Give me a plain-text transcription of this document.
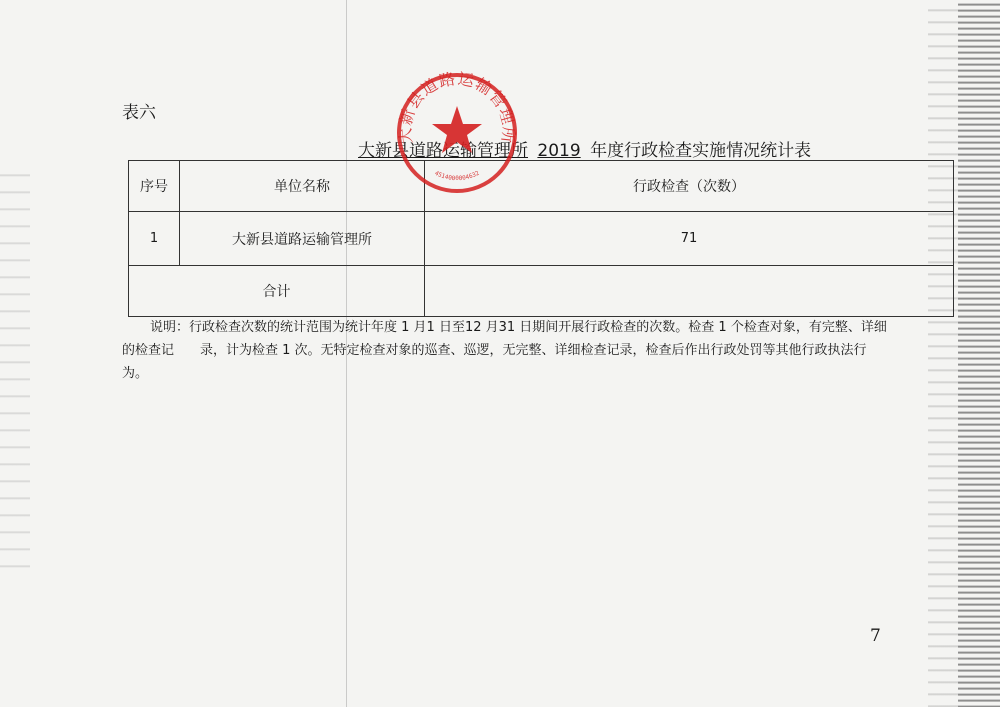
表六
大新县道路运输管理所 2019 年度行政检查实施情况统计表
序号	单位名称	行政检查（次数）
1	大新县道路运输管理所	71
合计		
说明：行政检查次数的统计范围为统计年度 1 月1 日至12 月31 日期间开展行政检查的次数。检查 1 个检查对象，有完整、详细
的检查记　　录，计为检查 1 次。无特定检查对象的巡查、巡逻，无完整、详细检查记录，检查后作出行政处罚等其他行政执法行
为。
大新县道路运输管理所
4514000004632
7
